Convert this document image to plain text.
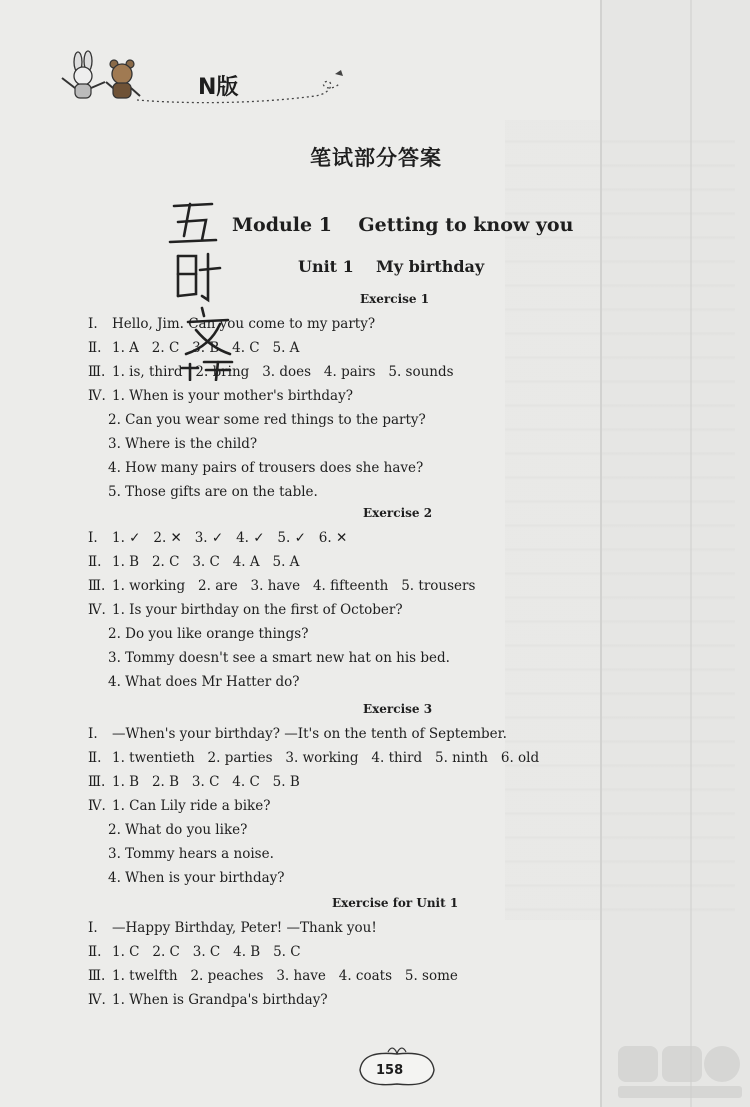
N版
笔试部分答案
Module 1    Getting to know you
Unit 1    My birthday
Exercise 1
Ⅰ. Hello, Jim. Can you come to my party?
Ⅱ. 1. A   2. C   3. B   4. C   5. A
Ⅲ. 1. is, third   2. bring   3. does   4. pairs   5. sounds
Ⅳ. 1. When is your mother's birthday?
2. Can you wear some red things to the party?
3. Where is the child?
4. How many pairs of trousers does she have?
5. Those gifts are on the table.
Exercise 2
Ⅰ. 1. ✓   2. ✕   3. ✓   4. ✓   5. ✓   6. ✕
Ⅱ. 1. B   2. C   3. C   4. A   5. A
Ⅲ. 1. working   2. are   3. have   4. fifteenth   5. trousers
Ⅳ. 1. Is your birthday on the first of October?
2. Do you like orange things?
3. Tommy doesn't see a smart new hat on his bed.
4. What does Mr Hatter do?
Exercise 3
Ⅰ. —When's your birthday? —It's on the tenth of September.
Ⅱ. 1. twentieth   2. parties   3. working   4. third   5. ninth   6. old
Ⅲ. 1. B   2. B   3. C   4. C   5. B
Ⅳ. 1. Can Lily ride a bike?
2. What do you like?
3. Tommy hears a noise.
4. When is your birthday?
Exercise for Unit 1
Ⅰ. —Happy Birthday, Peter! —Thank you!
Ⅱ. 1. C   2. C   3. C   4. B   5. C
Ⅲ. 1. twelfth   2. peaches   3. have   4. coats   5. some
Ⅳ. 1. When is Grandpa's birthday?
158
